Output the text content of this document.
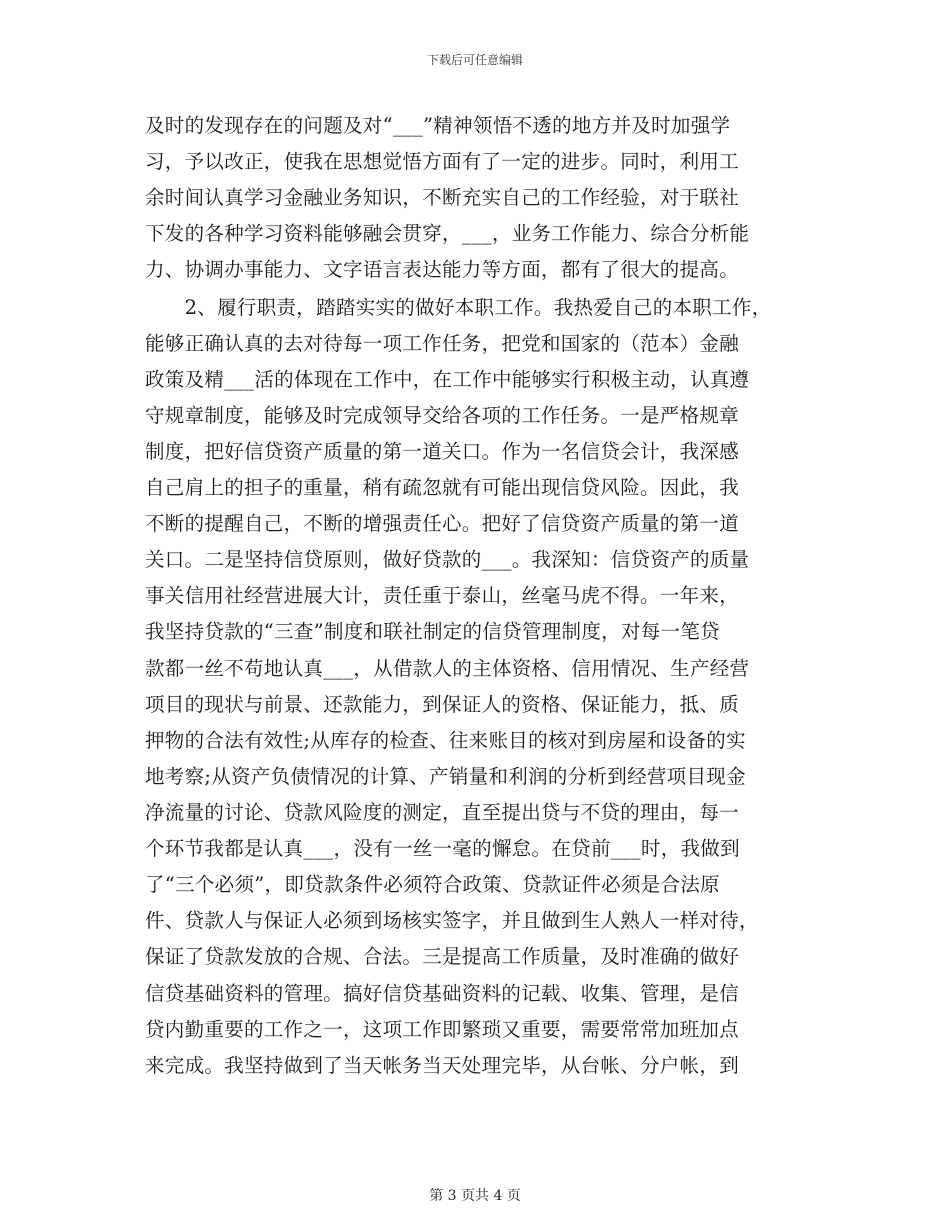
下载后可任意编辑
及时的发现存在的问题及对“___”精神领悟不透的地方并及时加强学
习，予以改正，使我在思想觉悟方面有了一定的进步。同时，利用工
余时间认真学习金融业务知识，不断充实自己的工作经验，对于联社
下发的各种学习资料能够融会贯穿，___，业务工作能力、综合分析能
力、协调办事能力、文字语言表达能力等方面，都有了很大的提高。
　　2、履行职责，踏踏实实的做好本职工作。我热爱自己的本职工作，
能够正确认真的去对待每一项工作任务，把党和国家的（范本）金融
政策及精___活的体现在工作中，在工作中能够实行积极主动，认真遵
守规章制度，能够及时完成领导交给各项的工作任务。一是严格规章
制度，把好信贷资产质量的第一道关口。作为一名信贷会计，我深感
自己肩上的担子的重量，稍有疏忽就有可能出现信贷风险。因此，我
不断的提醒自己，不断的增强责任心。把好了信贷资产质量的第一道
关口。二是坚持信贷原则，做好贷款的___。我深知：信贷资产的质量
事关信用社经营进展大计，责任重于泰山，丝毫马虎不得。一年来，
我坚持贷款的“三查”制度和联社制定的信贷管理制度，对每一笔贷
款都一丝不苟地认真___，从借款人的主体资格、信用情况、生产经营
项目的现状与前景、还款能力，到保证人的资格、保证能力，抵、质
押物的合法有效性;从库存的检查、往来账目的核对到房屋和设备的实
地考察;从资产负债情况的计算、产销量和利润的分析到经营项目现金
净流量的讨论、贷款风险度的测定，直至提出贷与不贷的理由，每一
个环节我都是认真___，没有一丝一毫的懈怠。在贷前___时，我做到
了“三个必须”，即贷款条件必须符合政策、贷款证件必须是合法原
件、贷款人与保证人必须到场核实签字，并且做到生人熟人一样对待，
保证了贷款发放的合规、合法。三是提高工作质量，及时准确的做好
信贷基础资料的管理。搞好信贷基础资料的记载、收集、管理，是信
贷内勤重要的工作之一，这项工作即繁琐又重要，需要常常加班加点
来完成。我坚持做到了当天帐务当天处理完毕，从台帐、分户帐，到
第 3 页共 4 页
